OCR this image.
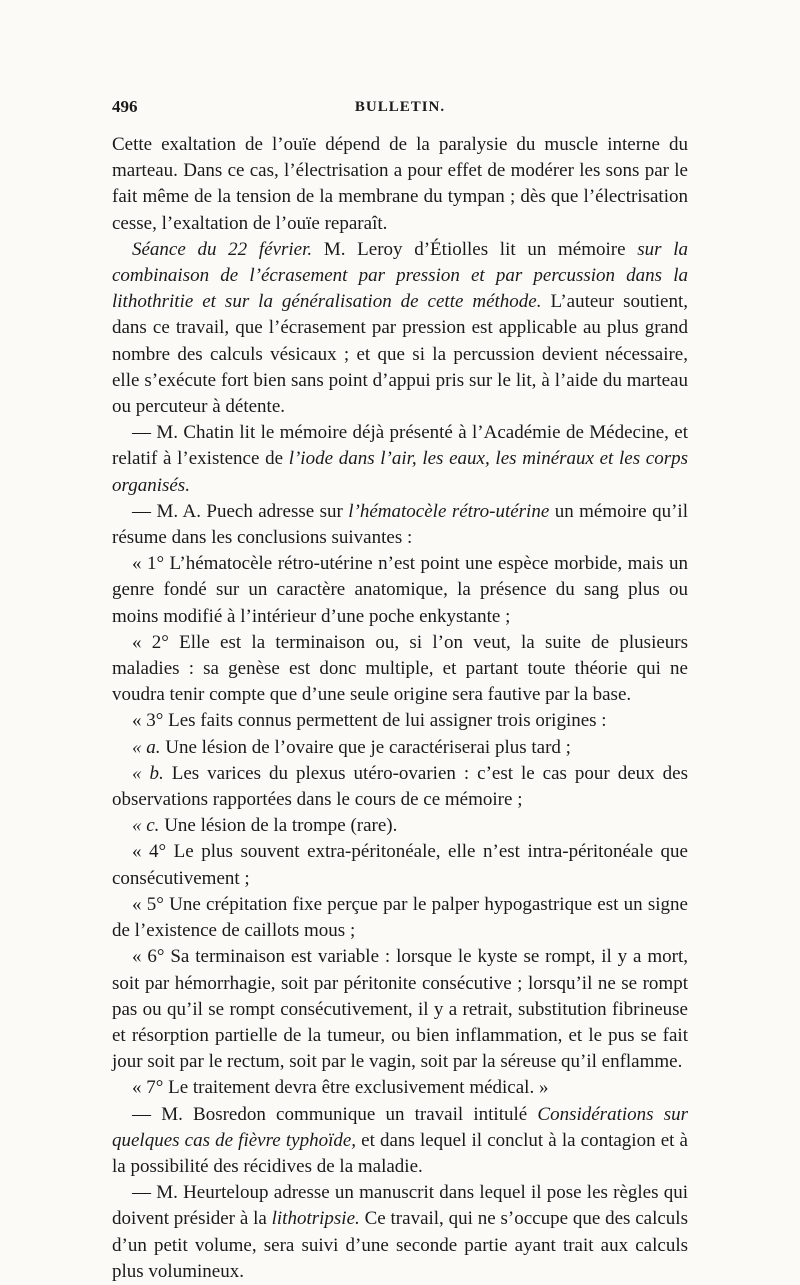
496	BULLETIN.

Cette exaltation de l’ouïe dépend de la paralysie du muscle interne du marteau. Dans ce cas, l’électrisation a pour effet de modérer les sons par le fait même de la tension de la membrane du tympan ; dès que l’électrisation cesse, l’exaltation de l’ouïe reparaît.

Séance du 22 février. M. Leroy d’Étiolles lit un mémoire sur la combinaison de l’écrasement par pression et par percussion dans la lithothritie et sur la généralisation de cette méthode. L’auteur soutient, dans ce travail, que l’écrasement par pression est applicable au plus grand nombre des calculs vésicaux ; et que si la percussion devient nécessaire, elle s’exécute fort bien sans point d’appui pris sur le lit, à l’aide du marteau ou percuteur à détente.

— M. Chatin lit le mémoire déjà présenté à l’Académie de Médecine, et relatif à l’existence de l’iode dans l’air, les eaux, les minéraux et les corps organisés.

— M. A. Puech adresse sur l’hématocèle rétro-utérine un mémoire qu’il résume dans les conclusions suivantes :

« 1° L’hématocèle rétro-utérine n’est point une espèce morbide, mais un genre fondé sur un caractère anatomique, la présence du sang plus ou moins modifié à l’intérieur d’une poche enkystante ;

« 2° Elle est la terminaison ou, si l’on veut, la suite de plusieurs maladies : sa genèse est donc multiple, et partant toute théorie qui ne voudra tenir compte que d’une seule origine sera fautive par la base.

« 3° Les faits connus permettent de lui assigner trois origines :

« a. Une lésion de l’ovaire que je caractériserai plus tard ;

« b. Les varices du plexus utéro-ovarien : c’est le cas pour deux des observations rapportées dans le cours de ce mémoire ;

« c. Une lésion de la trompe (rare).

« 4° Le plus souvent extra-péritonéale, elle n’est intra-péritonéale que consécutivement ;

« 5° Une crépitation fixe perçue par le palper hypogastrique est un signe de l’existence de caillots mous ;

« 6° Sa terminaison est variable : lorsque le kyste se rompt, il y a mort, soit par hémorrhagie, soit par péritonite consécutive ; lorsqu’il ne se rompt pas ou qu’il se rompt consécutivement, il y a retrait, substitution fibrineuse et résorption partielle de la tumeur, ou bien inflammation, et le pus se fait jour soit par le rectum, soit par le vagin, soit par la séreuse qu’il enflamme.

« 7° Le traitement devra être exclusivement médical. »

— M. Bosredon communique un travail intitulé Considérations sur quelques cas de fièvre typhoïde, et dans lequel il conclut à la contagion et à la possibilité des récidives de la maladie.

— M. Heurteloup adresse un manuscrit dans lequel il pose les règles qui doivent présider à la lithotripsie. Ce travail, qui ne s’occupe que des calculs d’un petit volume, sera suivi d’une seconde partie ayant trait aux calculs plus volumineux.
